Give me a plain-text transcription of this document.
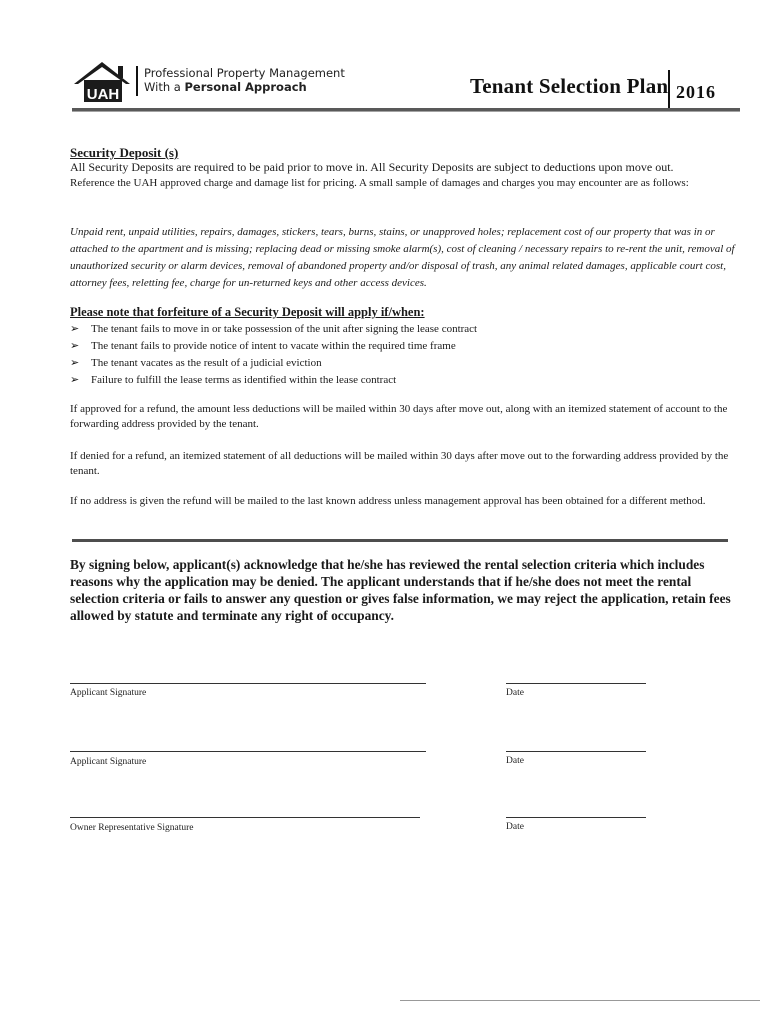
UAH
Professional Property Management
With a Personal Approach	Tenant Selection Plan 2016
Security Deposit (s)
All Security Deposits are required to be paid prior to move in. All Security Deposits are subject to deductions upon move out.
Reference the UAH approved charge and damage list for pricing. A small sample of damages and charges you may encounter are as follows:
Unpaid rent, unpaid utilities, repairs, damages, stickers, tears, burns, stains, or unapproved holes; replacement cost of our property that was in or attached to the apartment and is missing; replacing dead or missing smoke alarm(s), cost of cleaning / necessary repairs to re-rent the unit, removal of unauthorized security or alarm devices, removal of abandoned property and/or disposal of trash, any animal related damages, applicable court cost, attorney fees, reletting fee, charge for un-returned keys and other access devices.
Please note that forfeiture of a Security Deposit will apply if/when:
➢	The tenant fails to move in or take possession of the unit after signing the lease contract
➢	The tenant fails to provide notice of intent to vacate within the required time frame
➢	The tenant vacates as the result of a judicial eviction
➢	Failure to fulfill the lease terms as identified within the lease contract
If approved for a refund, the amount less deductions will be mailed within 30 days after move out, along with an itemized statement of account to the forwarding address provided by the tenant.
If denied for a refund, an itemized statement of all deductions will be mailed within 30 days after move out to the forwarding address provided by the tenant.
If no address is given the refund will be mailed to the last known address unless management approval has been obtained for a different method.
By signing below, applicant(s) acknowledge that he/she has reviewed the rental selection criteria which includes reasons why the application may be denied. The applicant understands that if he/she does not meet the rental selection criteria or fails to answer any question or gives false information, we may reject the application, retain fees allowed by statute and terminate any right of occupancy.
Applicant Signature	Date
Applicant Signature	Date
Owner Representative Signature	Date
